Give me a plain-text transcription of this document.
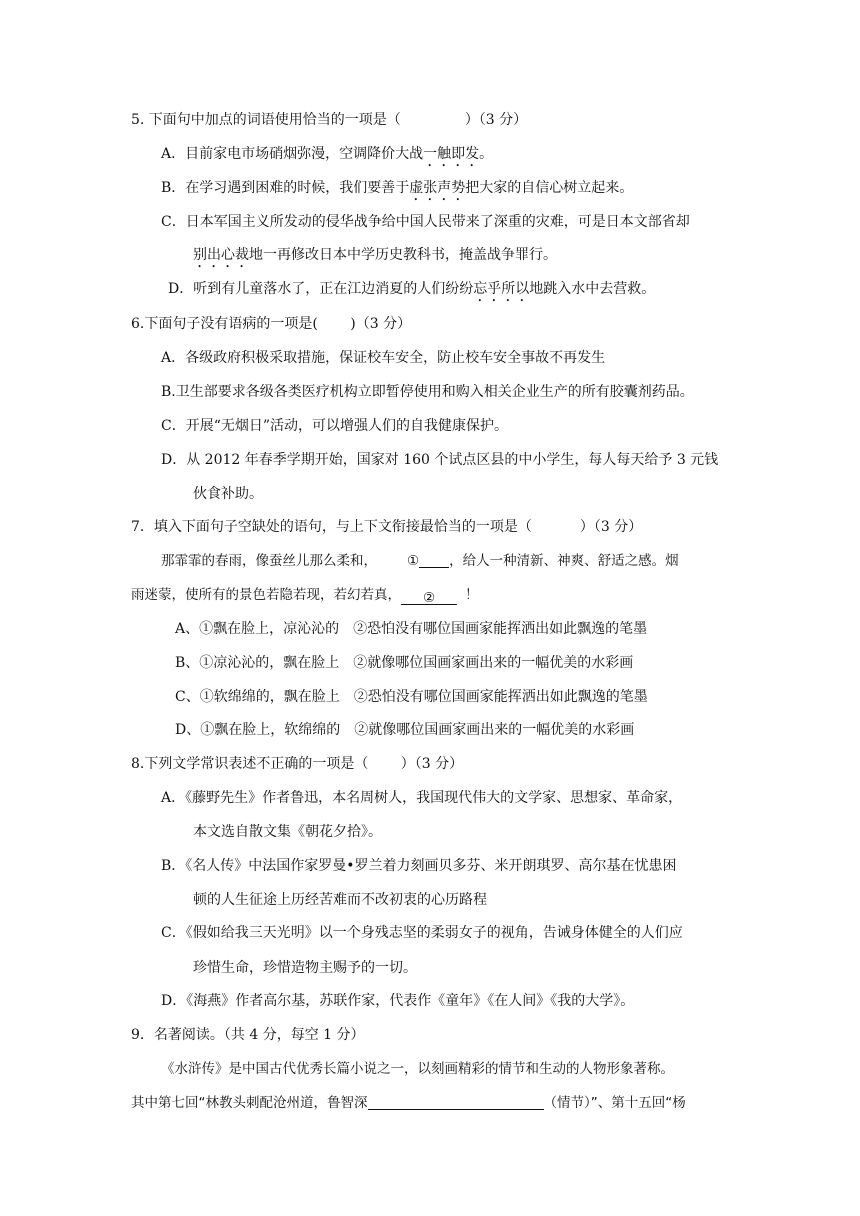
5. 下面句中加点的词语使用恰当的一项是（	）（3 分）
A．目前家电市场硝烟弥漫，空调降价大战一触即发。
B．在学习遇到困难的时候，我们要善于虚张声势把大家的自信心树立起来。
C．日本军国主义所发动的侵华战争给中国人民带来了深重的灾难，可是日本文部省却
别出心裁地一再修改日本中学历史教科书，掩盖战争罪行。
D．听到有儿童落水了，正在江边消夏的人们纷纷忘乎所以地跳入水中去营救。
6.下面句子没有语病的一项是(　　 )（3 分）
A．各级政府积极采取措施，保证校车安全，防止校车安全事故不再发生
B.卫生部要求各级各类医疗机构立即暂停使用和购入相关企业生产的所有胶囊剂药品。
C．开展“无烟日”活动，可以增强人们的自我健康保护。
D．从 2012 年春季学期开始，国家对 160 个试点区县的中小学生，每人每天给予 3 元钱
伙食补助。
7．填入下面句子空缺处的语句，与上下文衔接最恰当的一项是（	）（3 分）
那霏霏的春雨，像蚕丝儿那么柔和， ① ，给人一种清新、神爽、舒适之感。烟
雨迷蒙，使所有的景色若隐若现，若幻若真， ② ！
A、①飘在脸上，凉沁沁的　②恐怕没有哪位国画家能挥洒出如此飘逸的笔墨
B、①凉沁沁的，飘在脸上　②就像哪位国画家画出来的一幅优美的水彩画
C、①软绵绵的，飘在脸上　②恐怕没有哪位国画家能挥洒出如此飘逸的笔墨
D、①飘在脸上，软绵绵的　②就像哪位国画家画出来的一幅优美的水彩画
8.下列文学常识表述不正确的一项是（　　 ）（3 分）
A．《藤野先生》作者鲁迅，本名周树人，我国现代伟大的文学家、思想家、革命家，
本文选自散文集《朝花夕拾》。
B．《名人传》中法国作家罗曼•罗兰着力刻画贝多芬、米开朗琪罗、高尔基在忧患困
顿的人生征途上历经苦难而不改初衷的心历路程
C．《假如给我三天光明》以一个身残志坚的柔弱女子的视角，告诫身体健全的人们应
珍惜生命，珍惜造物主赐予的一切。
D．《海燕》作者高尔基，苏联作家，代表作《童年》《在人间》《我的大学》。
9．名著阅读。（共 4 分，每空 1 分）
《水浒传》是中国古代优秀长篇小说之一，以刻画精彩的情节和生动的人物形象著称。
其中第七回“林教头刺配沧州道，鲁智深	（情节）”、第十五回“杨
